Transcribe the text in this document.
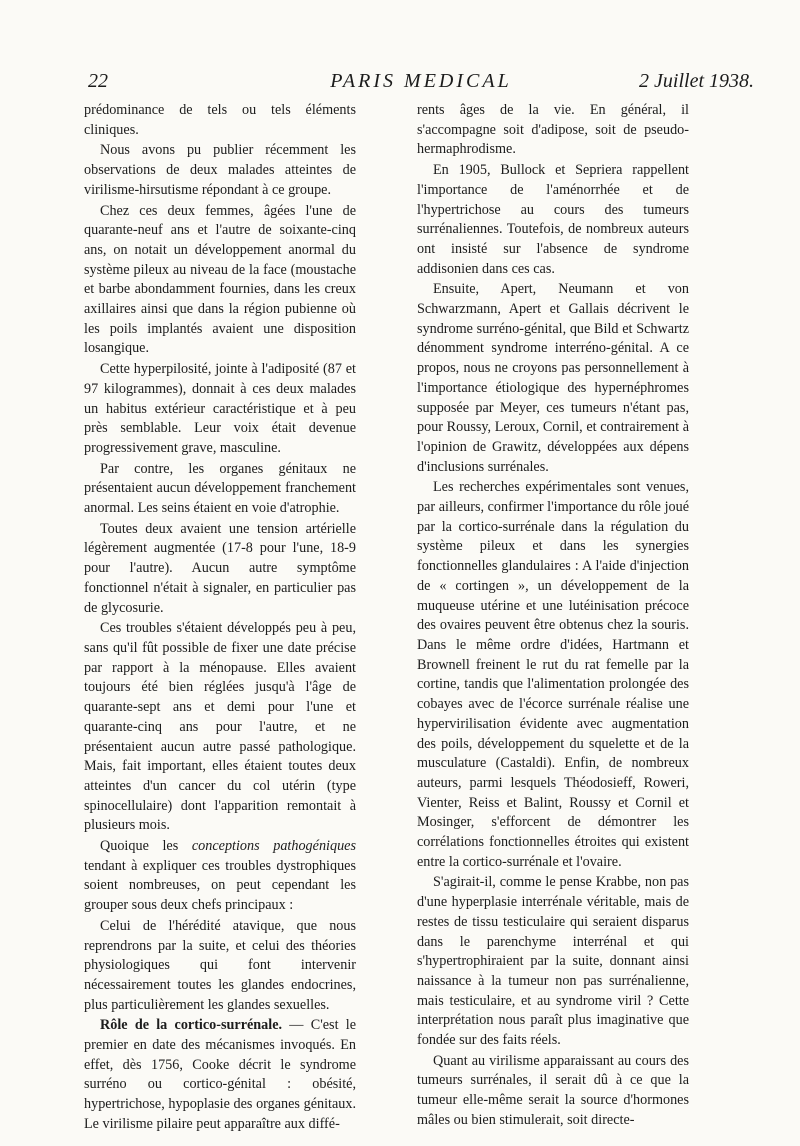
22	PARIS MEDICAL	2 Juillet 1938.

prédominance de tels ou tels éléments cliniques.

Nous avons pu publier récemment les observations de deux malades atteintes de virilisme-hirsutisme répondant à ce groupe.

Chez ces deux femmes, âgées l'une de quarante-neuf ans et l'autre de soixante-cinq ans, on notait un développement anormal du système pileux au niveau de la face (moustache et barbe abondamment fournies, dans les creux axillaires ainsi que dans la région pubienne où les poils implantés avaient une disposition losangique.

Cette hyperpilosité, jointe à l'adiposité (87 et 97 kilogrammes), donnait à ces deux malades un habitus extérieur caractéristique et à peu près semblable. Leur voix était devenue progressivement grave, masculine.

Par contre, les organes génitaux ne présentaient aucun développement franchement anormal. Les seins étaient en voie d'atrophie.

Toutes deux avaient une tension artérielle légèrement augmentée (17-8 pour l'une, 18-9 pour l'autre). Aucun autre symptôme fonctionnel n'était à signaler, en particulier pas de glycosurie.

Ces troubles s'étaient développés peu à peu, sans qu'il fût possible de fixer une date précise par rapport à la ménopause. Elles avaient toujours été bien réglées jusqu'à l'âge de quarante-sept ans et demi pour l'une et quarante-cinq ans pour l'autre, et ne présentaient aucun autre passé pathologique. Mais, fait important, elles étaient toutes deux atteintes d'un cancer du col utérin (type spinocellulaire) dont l'apparition remontait à plusieurs mois.

Quoique les conceptions pathogéniques tendant à expliquer ces troubles dystrophiques soient nombreuses, on peut cependant les grouper sous deux chefs principaux :

Celui de l'hérédité atavique, que nous reprendrons par la suite, et celui des théories physiologiques qui font intervenir nécessairement toutes les glandes endocrines, plus particulièrement les glandes sexuelles.

Rôle de la cortico-surrénale. — C'est le premier en date des mécanismes invoqués. En effet, dès 1756, Cooke décrit le syndrome surréno ou cortico-génital : obésité, hypertrichose, hypoplasie des organes génitaux. Le virilisme pilaire peut apparaître aux diffé-

rents âges de la vie. En général, il s'accompagne soit d'adipose, soit de pseudo-hermaphrodisme.

En 1905, Bullock et Sepriera rappellent l'importance de l'aménorrhée et de l'hypertrichose au cours des tumeurs surrénaliennes. Toutefois, de nombreux auteurs ont insisté sur l'absence de syndrome addisonien dans ces cas.

Ensuite, Apert, Neumann et von Schwarzmann, Apert et Gallais décrivent le syndrome surréno-génital, que Bild et Schwartz dénomment syndrome interréno-génital. A ce propos, nous ne croyons pas personnellement à l'importance étiologique des hypernéphromes supposée par Meyer, ces tumeurs n'étant pas, pour Roussy, Leroux, Cornil, et contrairement à l'opinion de Grawitz, développées aux dépens d'inclusions surrénales.

Les recherches expérimentales sont venues, par ailleurs, confirmer l'importance du rôle joué par la cortico-surrénale dans la régulation du système pileux et dans les synergies fonctionnelles glandulaires : A l'aide d'injection de « cortingen », un développement de la muqueuse utérine et une lutéinisation précoce des ovaires peuvent être obtenus chez la souris. Dans le même ordre d'idées, Hartmann et Brownell freinent le rut du rat femelle par la cortine, tandis que l'alimentation prolongée des cobayes avec de l'écorce surrénale réalise une hypervirilisation évidente avec augmentation des poils, développement du squelette et de la musculature (Castaldi). Enfin, de nombreux auteurs, parmi lesquels Théodosieff, Roweri, Vienter, Reiss et Balint, Roussy et Cornil et Mosinger, s'efforcent de démontrer les corrélations fonctionnelles étroites qui existent entre la cortico-surrénale et l'ovaire.

S'agirait-il, comme le pense Krabbe, non pas d'une hyperplasie interrénale véritable, mais de restes de tissu testiculaire qui seraient disparus dans le parenchyme interrénal et qui s'hypertrophiraient par la suite, donnant ainsi naissance à la tumeur non pas surrénalienne, mais testiculaire, et au syndrome viril ? Cette interprétation nous paraît plus imaginative que fondée sur des faits réels.

Quant au virilisme apparaissant au cours des tumeurs surrénales, il serait dû à ce que la tumeur elle-même serait la source d'hormones mâles ou bien stimulerait, soit directe-
